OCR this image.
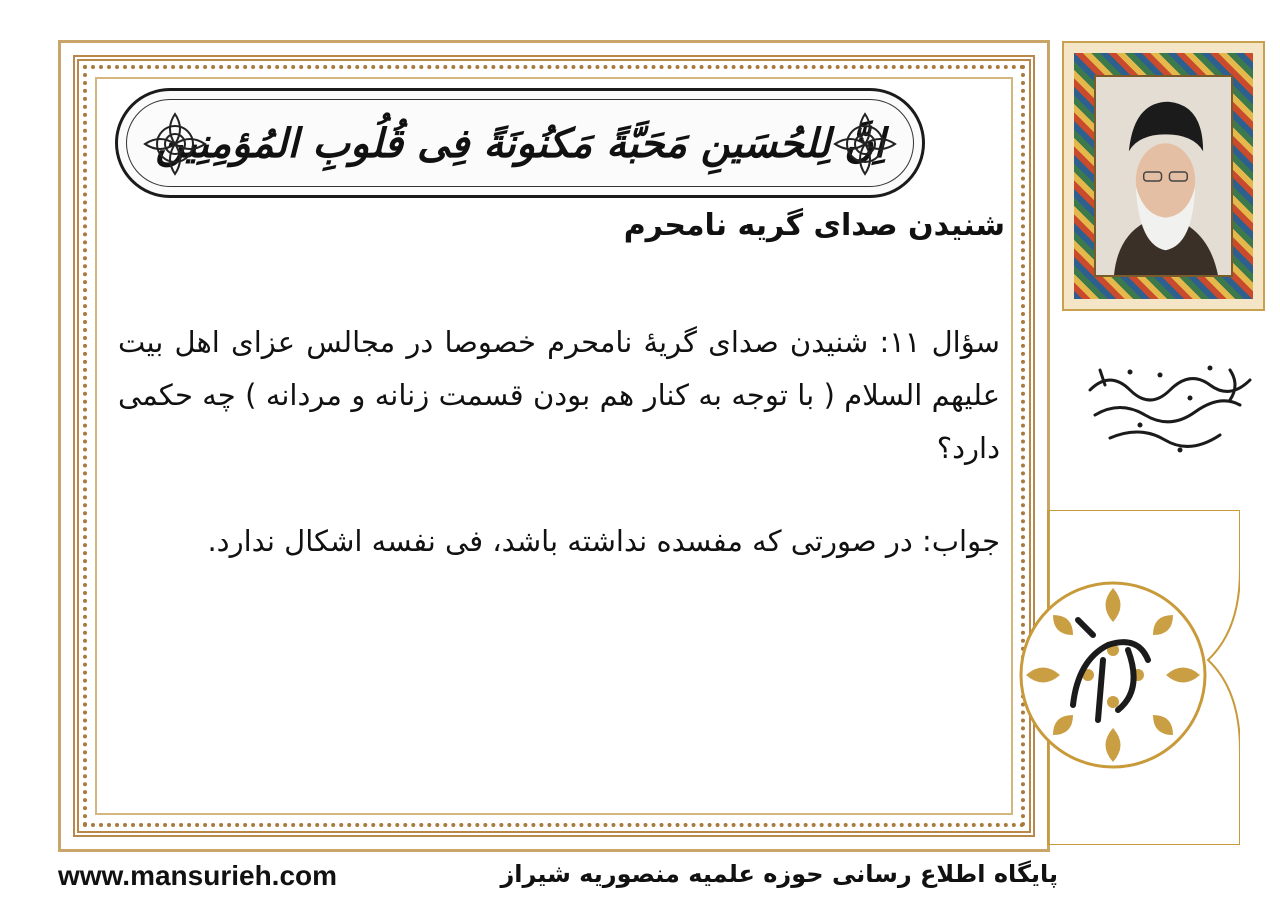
اِنَّ لِلحُسَینِ مَحَبَّةً مَکنُونَةً فِی قُلُوبِ المُؤمِنِین
شنیدن صدای گریه نامحرم
سؤال ۱۱: شنیدن صدای گریهٔ نامحرم خصوصا در مجالس عزای اهل بیت علیهم السلام ( با توجه به کنار هم بودن قسمت زنانه و مردانه ) چه حکمی دارد؟
جواب: در صورتی که مفسده نداشته باشد، فی نفسه اشکال ندارد.
www.mansurieh.com	پایگاه اطلاع رسانی حوزه علمیه منصوریه شیراز
